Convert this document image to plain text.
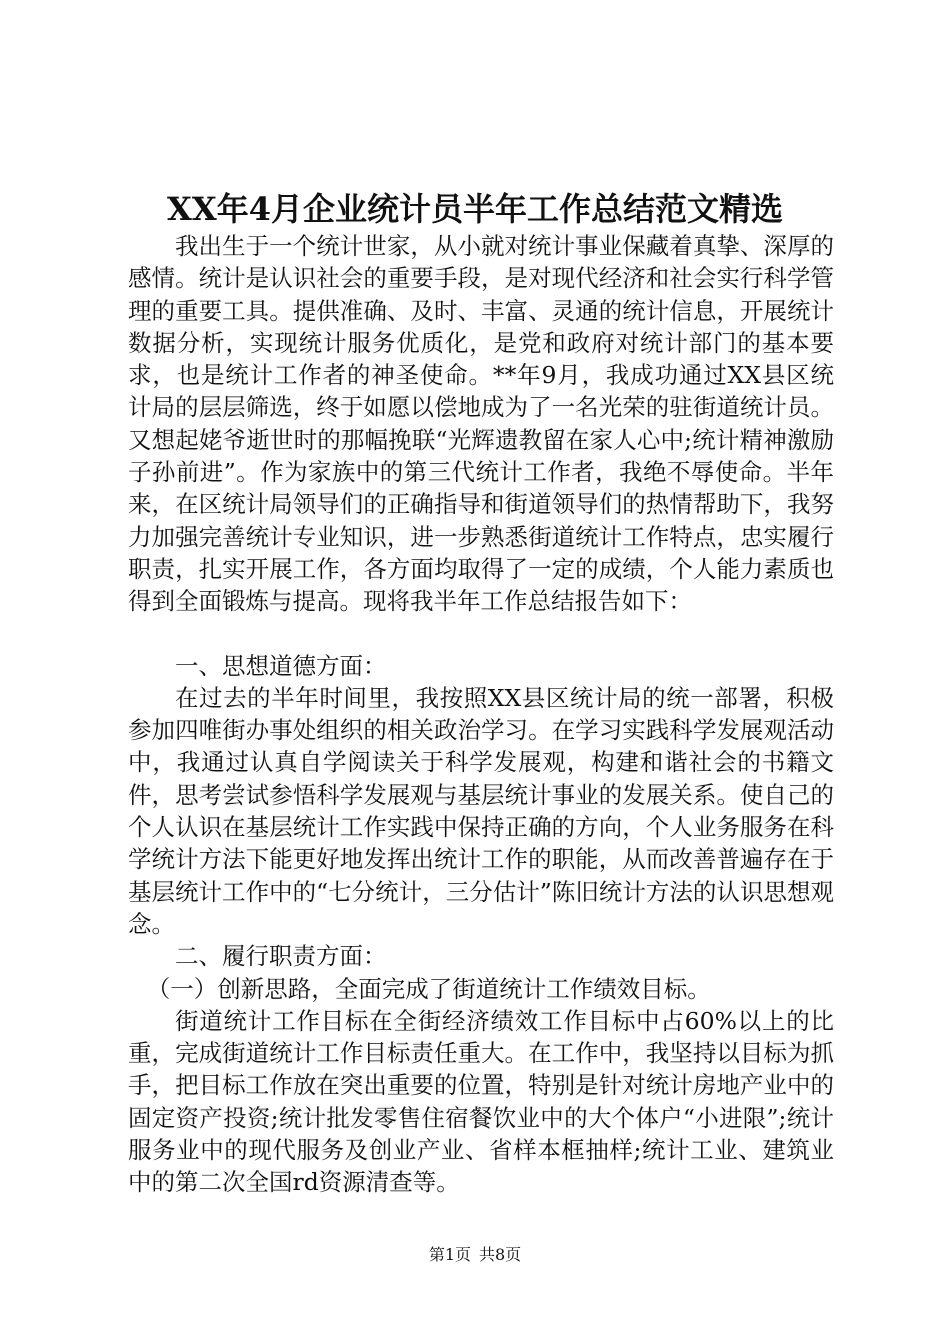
XX年4月企业统计员半年工作总结范文精选

我出生于一个统计世家，从小就对统计事业保藏着真挚、深厚的感情。统计是认识社会的重要手段，是对现代经济和社会实行科学管理的重要工具。提供准确、及时、丰富、灵通的统计信息，开展统计数据分析，实现统计服务优质化，是党和政府对统计部门的基本要求，也是统计工作者的神圣使命。**年9月，我成功通过XX县区统计局的层层筛选，终于如愿以偿地成为了一名光荣的驻街道统计员。又想起姥爷逝世时的那幅挽联“光辉遗教留在家人心中;统计精神激励子孙前进”。作为家族中的第三代统计工作者，我绝不辱使命。半年来，在区统计局领导们的正确指导和街道领导们的热情帮助下，我努力加强完善统计专业知识，进一步熟悉街道统计工作特点，忠实履行职责，扎实开展工作，各方面均取得了一定的成绩，个人能力素质也得到全面锻炼与提高。现将我半年工作总结报告如下：

一、思想道德方面：

在过去的半年时间里，我按照XX县区统计局的统一部署，积极参加四唯街办事处组织的相关政治学习。在学习实践科学发展观活动中，我通过认真自学阅读关于科学发展观，构建和谐社会的书籍文件，思考尝试参悟科学发展观与基层统计事业的发展关系。使自己的个人认识在基层统计工作实践中保持正确的方向，个人业务服务在科学统计方法下能更好地发挥出统计工作的职能，从而改善普遍存在于基层统计工作中的“七分统计，三分估计”陈旧统计方法的认识思想观念。

二、履行职责方面：

（一）创新思路，全面完成了街道统计工作绩效目标。

街道统计工作目标在全街经济绩效工作目标中占60%以上的比重，完成街道统计工作目标责任重大。在工作中，我坚持以目标为抓手，把目标工作放在突出重要的位置，特别是针对统计房地产业中的固定资产投资;统计批发零售住宿餐饮业中的大个体户“小进限”;统计服务业中的现代服务及创业产业、省样本框抽样;统计工业、建筑业中的第二次全国rd资源清查等。

第1页 共8页
